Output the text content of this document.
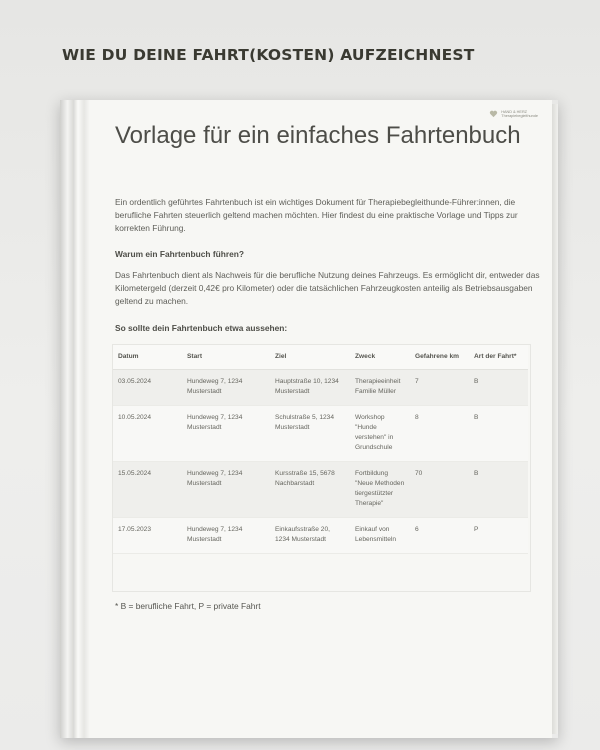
WIE DU DEINE FAHRT(KOSTEN) AUFZEICHNEST
HAND & HERZ
Therapiebegleithunde
Vorlage für ein einfaches Fahrtenbuch
Ein ordentlich geführtes Fahrtenbuch ist ein wichtiges Dokument für Therapiebegleithunde-Führer:innen, die berufliche Fahrten steuerlich geltend machen möchten. Hier findest du eine praktische Vorlage und Tipps zur korrekten Führung.
Warum ein Fahrtenbuch führen?
Das Fahrtenbuch dient als Nachweis für die berufliche Nutzung deines Fahrzeugs. Es ermöglicht dir, entweder das Kilometergeld (derzeit 0,42€ pro Kilometer) oder die tatsächlichen Fahrzeugkosten anteilig als Betriebsausgaben geltend zu machen.
So sollte dein Fahrtenbuch etwa aussehen:
Datum	Start	Ziel	Zweck	Gefahrene km	Art der Fahrt*
03.05.2024	Hundeweg 7, 1234 Musterstadt	Hauptstraße 10, 1234 Musterstadt	Therapieeinheit Familie Müller	7	B
10.05.2024	Hundeweg 7, 1234 Musterstadt	Schulstraße 5, 1234 Musterstadt	Workshop "Hunde verstehen" in Grundschule	8	B
15.05.2024	Hundeweg 7, 1234 Musterstadt	Kursstraße 15, 5678 Nachbarstadt	Fortbildung "Neue Methoden tiergestützter Therapie"	70	B
17.05.2023	Hundeweg 7, 1234 Musterstadt	Einkaufsstraße 20, 1234 Musterstadt	Einkauf von Lebensmitteln	6	P
* B = berufliche Fahrt, P = private Fahrt
